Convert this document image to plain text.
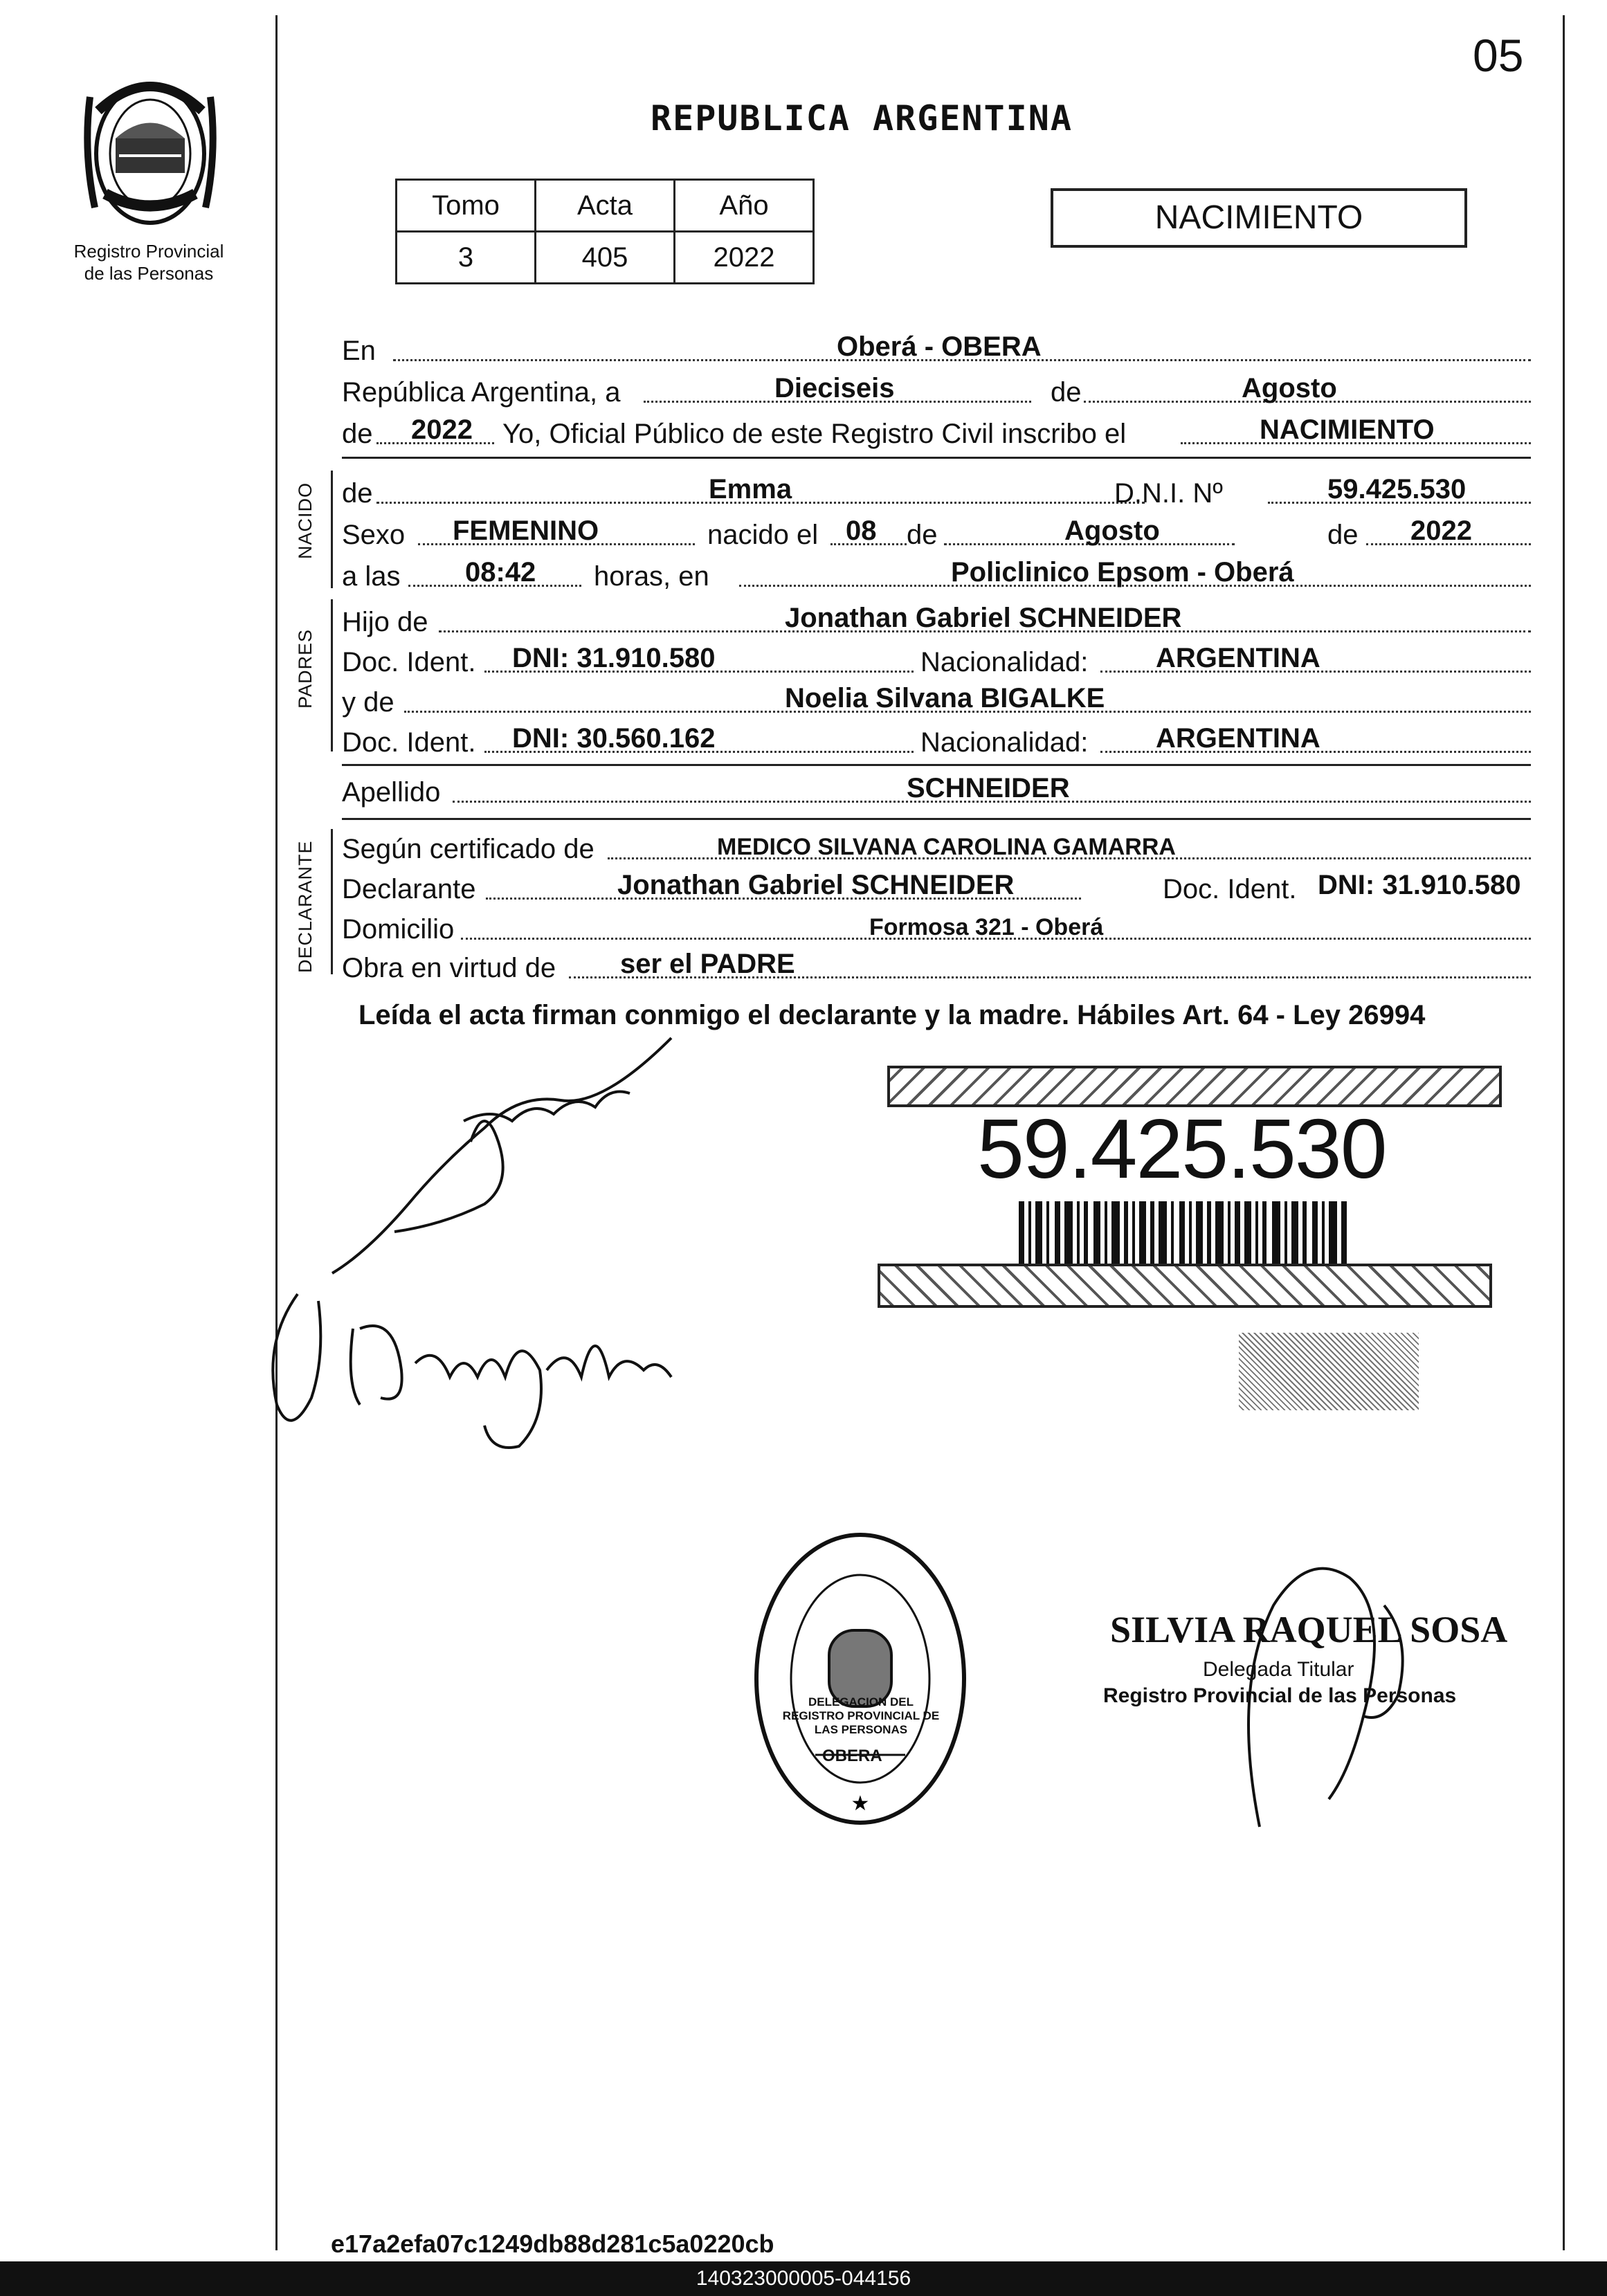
05
Registro Provincial
de las Personas
REPUBLICA ARGENTINA
Tomo	Acta	Año
3	405	2022
NACIMIENTO
En	Oberá - OBERA
República Argentina, a	Dieciseis	de	Agosto
de 2022 Yo, Oficial Público de este Registro Civil inscribo el	NACIMIENTO
NACIDO de	Emma	D.N.I. Nº	59.425.530
Sexo FEMENINO	nacido el 08 de	Agosto	de 2022
a las 08:42 horas, en	Policlinico Epsom - Oberá
PADRES
Hijo de	Jonathan Gabriel SCHNEIDER
Doc. Ident. DNI: 31.910.580	Nacionalidad: ARGENTINA
y de	Noelia Silvana BIGALKE
Doc. Ident. DNI: 30.560.162	Nacionalidad: ARGENTINA
Apellido	SCHNEIDER
DECLARANTE Según certificado de	MEDICO SILVANA CAROLINA GAMARRA
Declarante	Jonathan Gabriel SCHNEIDER	Doc. Ident. DNI: 31.910.580
Domicilio	Formosa 321 - Oberá
Obra en virtud de ser el PADRE
Leída el acta firman conmigo el declarante y la madre. Hábiles Art. 64 - Ley 26994
59.425.530
★
DELEGACION DEL REGISTRO PROVINCIAL DE LAS PERSONAS
OBERA
SILVIA RAQUEL SOSA
Delegada Titular
Registro Provincial de las Personas
e17a2efa07c1249db88d281c5a0220cb
140323000005-044156
